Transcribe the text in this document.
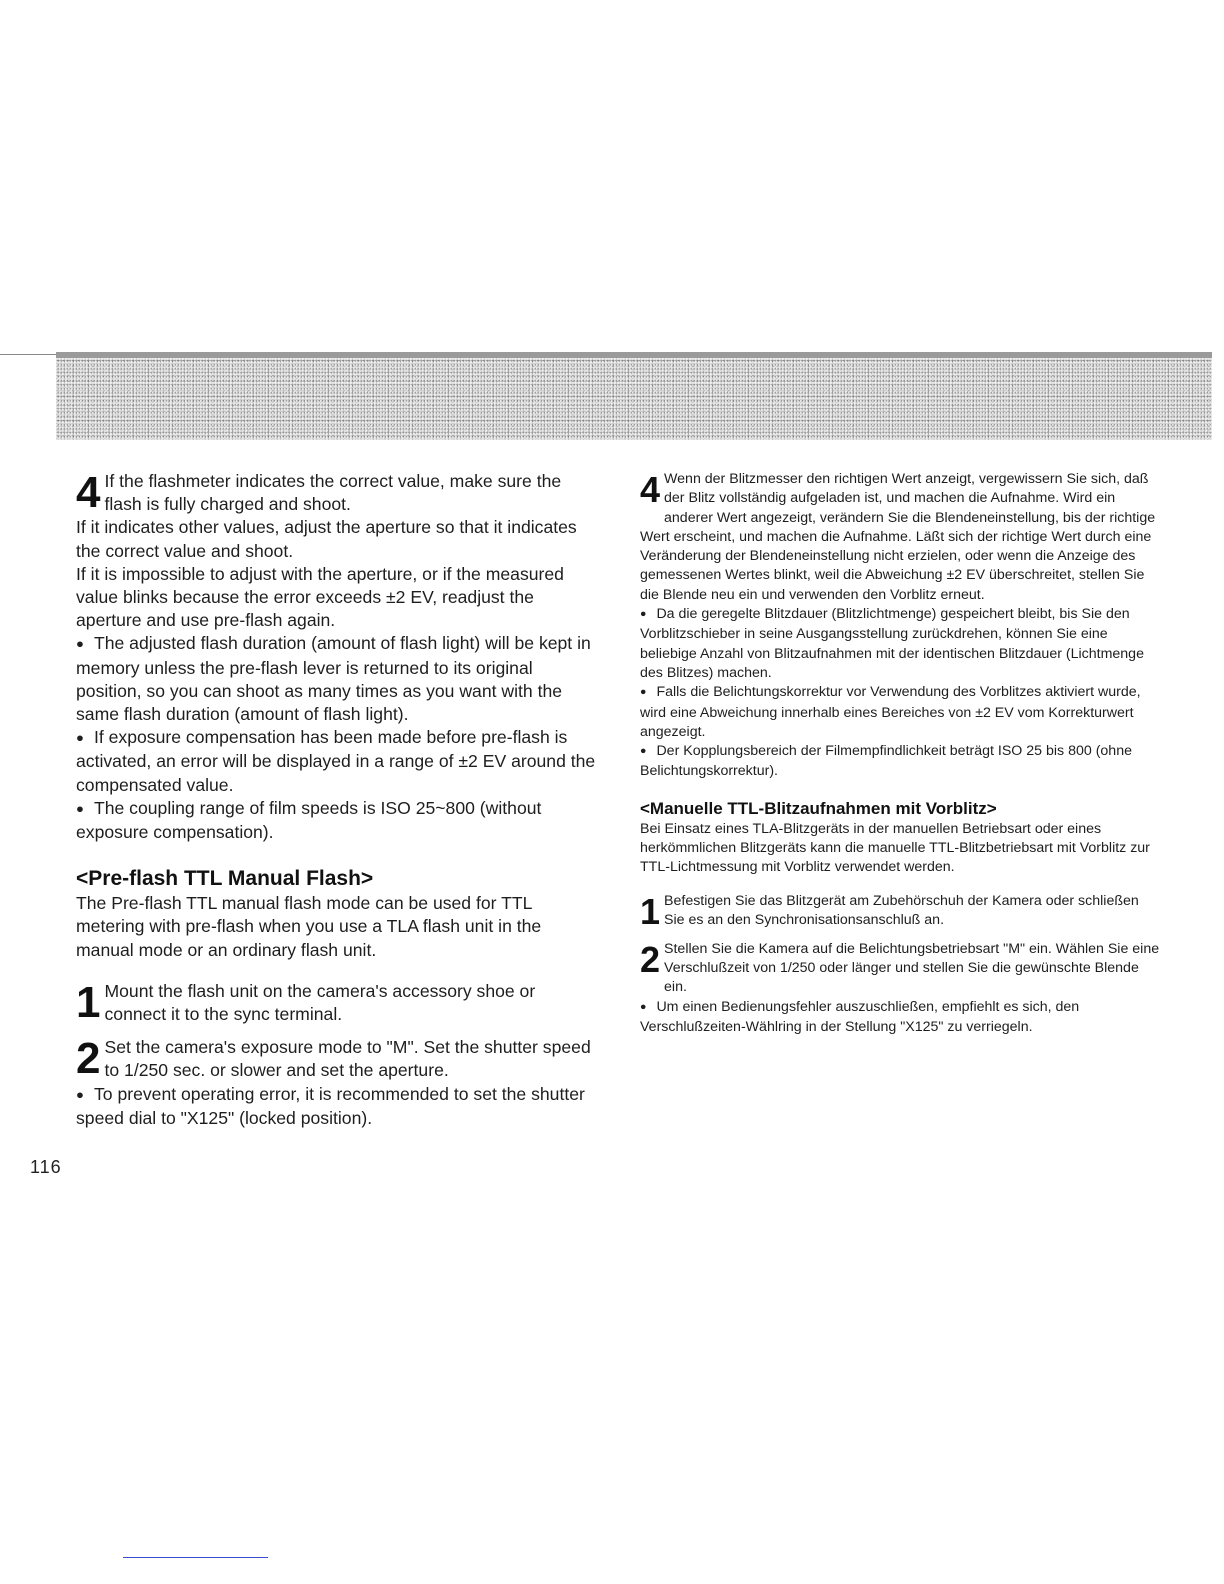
4 If the flashmeter indicates the correct value, make sure the flash is fully charged and shoot.

If it indicates other values, adjust the aperture so that it indicates the correct value and shoot.

If it is impossible to adjust with the aperture, or if the measured value blinks because the error exceeds ±2 EV, readjust the aperture and use pre-flash again.

● The adjusted flash duration (amount of flash light) will be kept in memory unless the pre-flash lever is returned to its original position, so you can shoot as many times as you want with the same flash duration (amount of flash light).

● If exposure compensation has been made before pre-flash is activated, an error will be displayed in a range of ±2 EV around the compensated value.

● The coupling range of film speeds is ISO 25~800 (without exposure compensation).

<Pre-flash TTL Manual Flash>

The Pre-flash TTL manual flash mode can be used for TTL metering with pre-flash when you use a TLA flash unit in the manual mode or an ordinary flash unit.

1 Mount the flash unit on the camera's accessory shoe or connect it to the sync terminal.
2 Set the camera's exposure mode to "M". Set the shutter speed to 1/250 sec. or slower and set the aperture.

● To prevent operating error, it is recommended to set the shutter speed dial to "X125" (locked position).

4 Wenn der Blitzmesser den richtigen Wert anzeigt, vergewissern Sie sich, daß der Blitz vollständig aufgeladen ist, und machen die Aufnahme. Wird ein anderer Wert angezeigt, verändern Sie die Blendeneinstellung, bis der richtige Wert erscheint, und machen die Aufnahme. Läßt sich der richtige Wert durch eine Veränderung der Blendeneinstellung nicht erzielen, oder wenn die Anzeige des gemessenen Wertes blinkt, weil die Abweichung ±2 EV überschreitet, stellen Sie die Blende neu ein und verwenden den Vorblitz erneut.

● Da die geregelte Blitzdauer (Blitzlichtmenge) gespeichert bleibt, bis Sie den Vorblitzschieber in seine Ausgangsstellung zurückdrehen, können Sie eine beliebige Anzahl von Blitzaufnahmen mit der identischen Blitzdauer (Lichtmenge des Blitzes) machen.

● Falls die Belichtungskorrektur vor Verwendung des Vorblitzes aktiviert wurde, wird eine Abweichung innerhalb eines Bereiches von ±2 EV vom Korrekturwert angezeigt.

● Der Kopplungsbereich der Filmempfindlichkeit beträgt ISO 25 bis 800 (ohne Belichtungskorrektur).

<Manuelle TTL-Blitzaufnahmen mit Vorblitz>

Bei Einsatz eines TLA-Blitzgeräts in der manuellen Betriebsart oder eines herkömmlichen Blitzgeräts kann die manuelle TTL-Blitzbetriebsart mit Vorblitz zur TTL-Lichtmessung mit Vorblitz verwendet werden.

1 Befestigen Sie das Blitzgerät am Zubehörschuh der Kamera oder schließen Sie es an den Synchronisationsanschluß an.
2 Stellen Sie die Kamera auf die Belichtungsbetriebsart "M" ein. Wählen Sie eine Verschlußzeit von 1/250 oder länger und stellen Sie die gewünschte Blende ein.

● Um einen Bedienungsfehler auszuschließen, empfiehlt es sich, den Verschlußzeiten-Wählring in der Stellung "X125" zu verriegeln.

116
